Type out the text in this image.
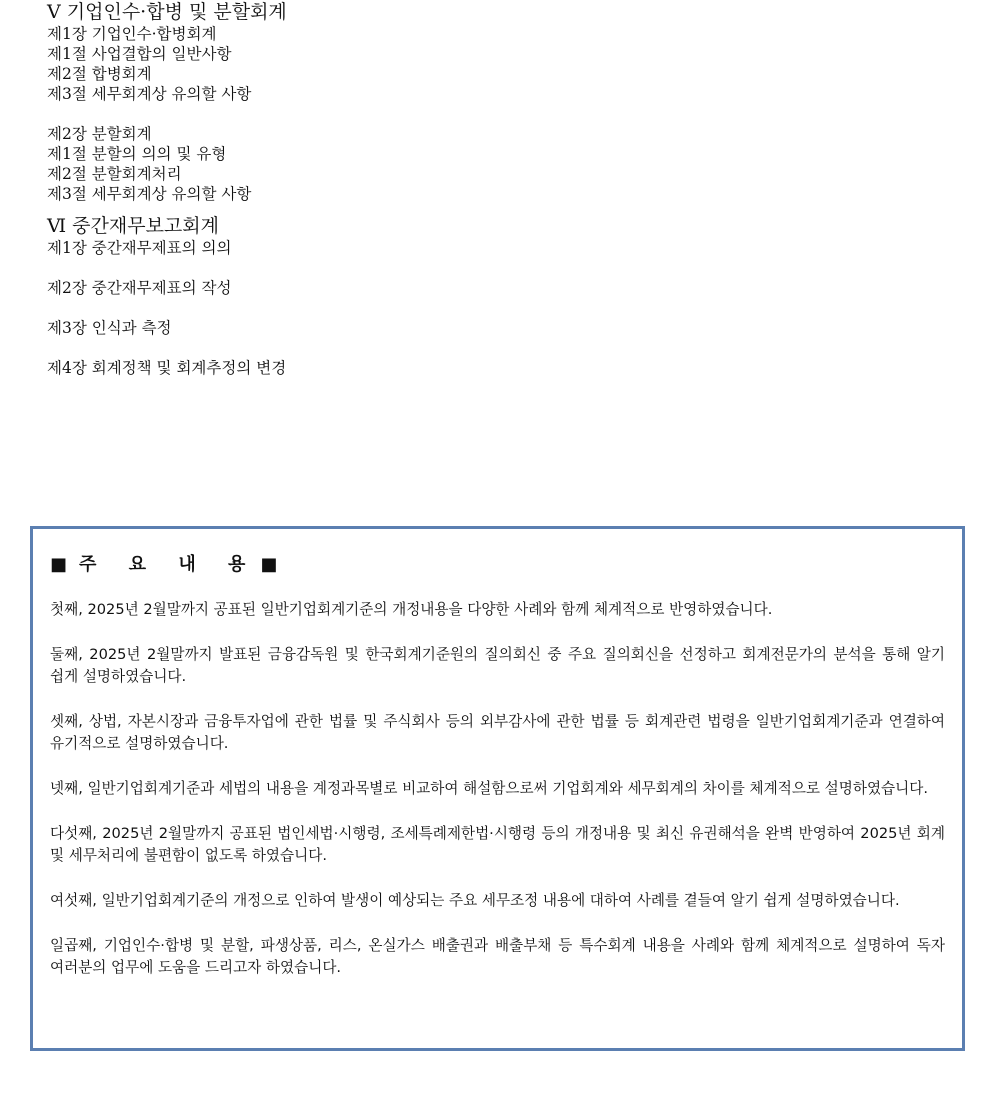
Ⅴ 기업인수·합병 및 분할회계
제1장 기업인수·합병회계
제1절 사업결합의 일반사항
제2절 합병회계
제3절 세무회계상 유의할 사항
제2장 분할회계
제1절 분할의 의의 및 유형
제2절 분할회계처리
제3절 세무회계상 유의할 사항
Ⅵ 중간재무보고회계
제1장 중간재무제표의 의의
제2장 중간재무제표의 작성
제3장 인식과 측정
제4장 회계정책 및 회계추정의 변경
■ 주 요 내 용 ■

첫째, 2025년 2월말까지 공표된 일반기업회계기준의 개정내용을 다양한 사례와 함께 체계적으로 반영하였습니다.

둘째, 2025년 2월말까지 발표된 금융감독원 및 한국회계기준원의 질의회신 중 주요 질의회신을 선정하고 회계전문가의 분석을 통해 알기 쉽게 설명하였습니다.

셋째, 상법, 자본시장과 금융투자업에 관한 법률 및 주식회사 등의 외부감사에 관한 법률 등 회계관련 법령을 일반기업회계기준과 연결하여 유기적으로 설명하였습니다.

넷째, 일반기업회계기준과 세법의 내용을 계정과목별로 비교하여 해설함으로써 기업회계와 세무회계의 차이를 체계적으로 설명하였습니다.

다섯째, 2025년 2월말까지 공표된 법인세법·시행령, 조세특례제한법·시행령 등의 개정내용 및 최신 유권해석을 완벽 반영하여 2025년 회계 및 세무처리에 불편함이 없도록 하였습니다.

여섯째, 일반기업회계기준의 개정으로 인하여 발생이 예상되는 주요 세무조정 내용에 대하여 사례를 곁들여 알기 쉽게 설명하였습니다.

일곱째, 기업인수·합병 및 분할, 파생상품, 리스, 온실가스 배출권과 배출부채 등 특수회계 내용을 사례와 함께 체계적으로 설명하여 독자 여러분의 업무에 도움을 드리고자 하였습니다.
